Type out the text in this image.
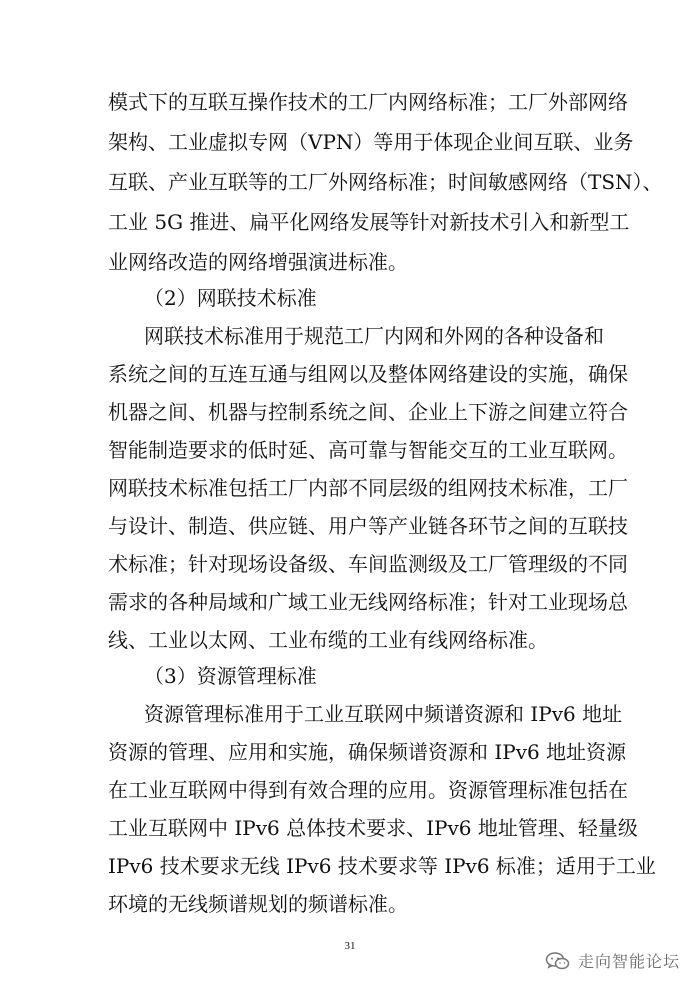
模式下的互联互操作技术的工厂内网络标准；工厂外部网络
架构、工业虚拟专网（VPN）等用于体现企业间互联、业务
互联、产业互联等的工厂外网络标准；时间敏感网络（TSN）、
工业 5G 推进、扁平化网络发展等针对新技术引入和新型工
业网络改造的网络增强演进标准。
（2）网联技术标准
网联技术标准用于规范工厂内网和外网的各种设备和
系统之间的互连互通与组网以及整体网络建设的实施，确保
机器之间、机器与控制系统之间、企业上下游之间建立符合
智能制造要求的低时延、高可靠与智能交互的工业互联网。
网联技术标准包括工厂内部不同层级的组网技术标准，工厂
与设计、制造、供应链、用户等产业链各环节之间的互联技
术标准；针对现场设备级、车间监测级及工厂管理级的不同
需求的各种局域和广域工业无线网络标准；针对工业现场总
线、工业以太网、工业布缆的工业有线网络标准。
（3）资源管理标准
资源管理标准用于工业互联网中频谱资源和 IPv6 地址
资源的管理、应用和实施，确保频谱资源和 IPv6 地址资源
在工业互联网中得到有效合理的应用。资源管理标准包括在
工业互联网中 IPv6 总体技术要求、IPv6 地址管理、轻量级
IPv6 技术要求无线 IPv6 技术要求等 IPv6 标准；适用于工业
环境的无线频谱规划的频谱标准。
31
走向智能论坛
